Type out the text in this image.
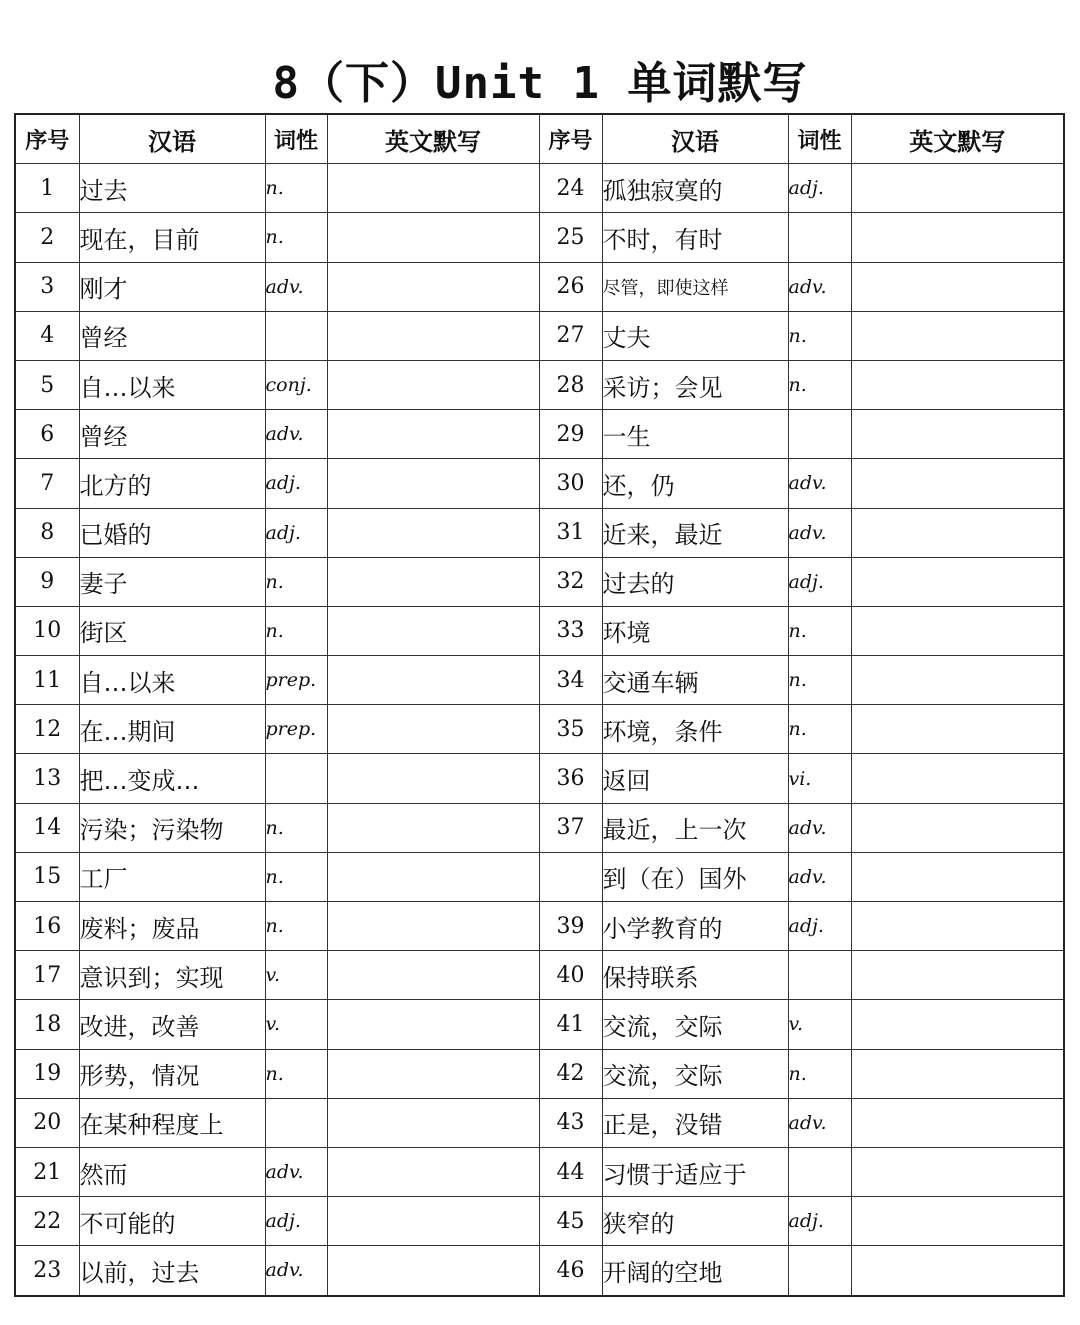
8（下）Unit 1 单词默写
序号	汉语	词性	英文默写	序号	汉语	词性	英文默写
1	过去	n.		24	孤独寂寞的	adj.	
2	现在，目前	n.		25	不时，有时		
3	刚才	adv.		26	尽管，即使这样	adv.	
4	曾经			27	丈夫	n.	
5	自…以来	conj.		28	采访；会见	n.	
6	曾经	adv.		29	一生		
7	北方的	adj.		30	还，仍	adv.	
8	已婚的	adj.		31	近来，最近	adv.	
9	妻子	n.		32	过去的	adj.	
10	街区	n.		33	环境	n.	
11	自…以来	prep.		34	交通车辆	n.	
12	在…期间	prep.		35	环境，条件	n.	
13	把…变成…			36	返回	vi.	
14	污染；污染物	n.		37	最近，上一次	adv.	
15	工厂	n.			到（在）国外	adv.	
16	废料；废品	n.		39	小学教育的	adj.	
17	意识到；实现	v.		40	保持联系		
18	改进，改善	v.		41	交流，交际	v.	
19	形势，情况	n.		42	交流，交际	n.	
20	在某种程度上			43	正是，没错	adv.	
21	然而	adv.		44	习惯于适应于		
22	不可能的	adj.		45	狭窄的	adj.	
23	以前，过去	adv.		46	开阔的空地		
